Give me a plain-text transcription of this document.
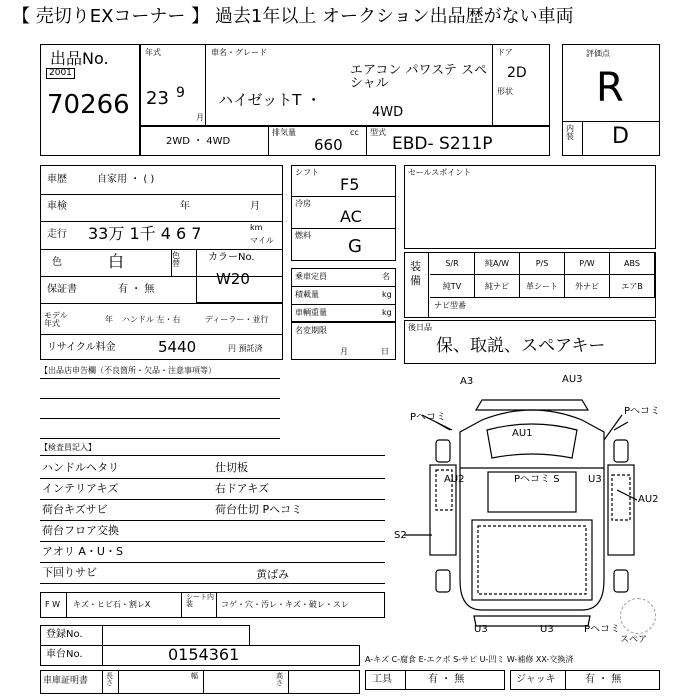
【 売切りEXコーナー 】 過去1年以上 オークション出品歴がない車両
出品No.
2001
70266
年式
23 9
月
車名・グレード
エアコン パワステ スペシャル
ハイゼットT ・
4WD
ドア
2D
形状
2WD ・ 4WD
排気量	cc
660
型式
EBD- S211P
評価点
R
内装 D
車歴	自家用 ・ ( )
車検	年	月
走行 33万 1千 4 6 7	km
マイル
色	白	色替
保証書	有 ・ 無
モデル年式	年 ハンドル 左・右	ディーラー・並行
リサイクル料金	5440	円 預託済
カラーNo.
W20
シフト
F5
冷房
AC
燃料
G
乗車定員	名
積載量	kg
車輌重量	kg
名変期限
月	日
セールスポイント
装備
S/R	純A/W	P/S	P/W	ABS
純TV	純ナビ	革シート	外ナビ	エアB
ナビ型番
後日品
保、取説、スペアキー
【出品店申告欄（不良箇所・欠品・注意事項等）
【検査員記入】
ハンドルヘタリ
インテリアキズ
荷台キズサビ
荷台フロア交換
アオリ A・U・S
下回りサビ
仕切板
右ドアキズ
荷台仕切 Pヘコミ
F W キズ・ヒビ石・割レX
シート内装	コゲ・穴・汚レ・キズ・破レ・スレ
黄ばみ
登録No.
車台No.	0154361
車庫証明書	長さ
幅	高さ
A-キズ C-腐食 E-エクボ S-サビ U-凹ミ W-補修 XX-交換済
工具	有 ・ 無	ジャッキ	有 ・ 無
スペア
A3	AU3
Pヘコミ
Pヘコミ
AU1
AU2	Pヘコミ S	U3
AU2
S2
U3	U3	Pヘコミ
